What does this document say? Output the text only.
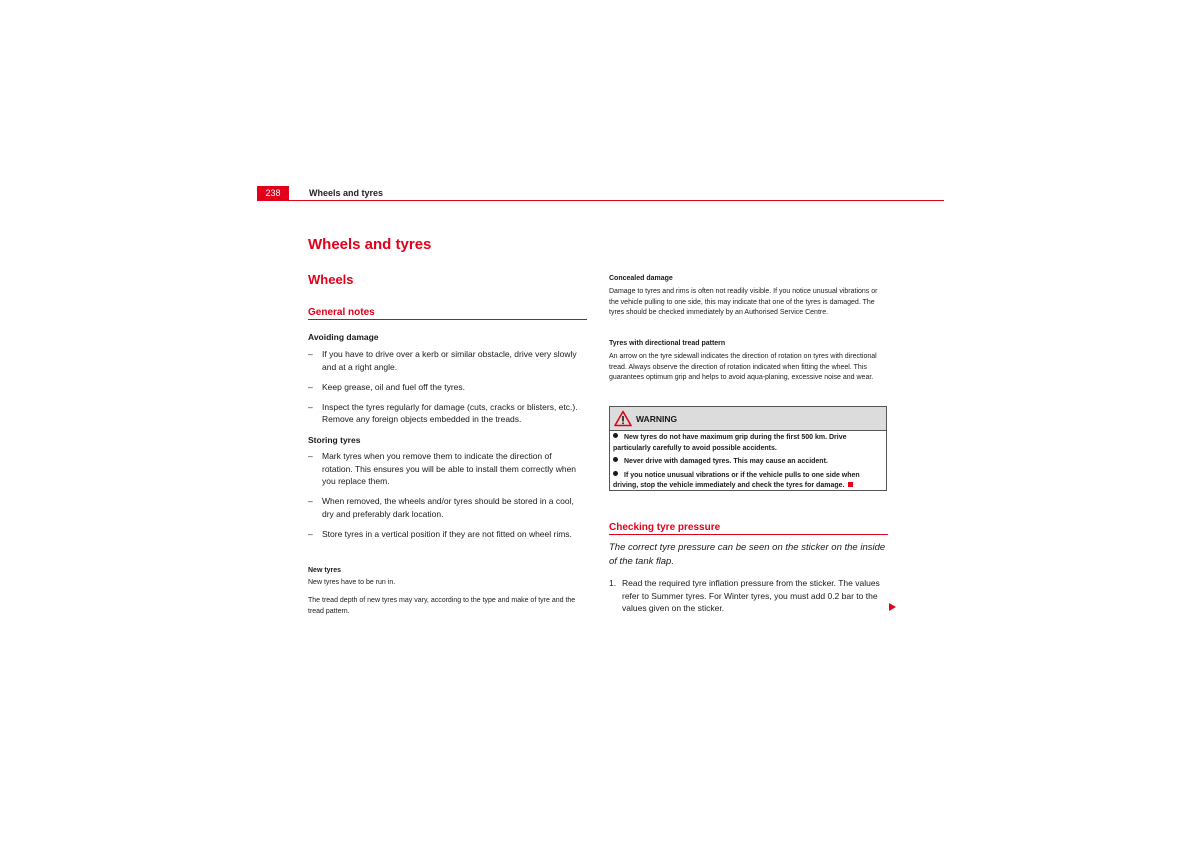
238	Wheels and tyres
Wheels and tyres
Wheels
General notes
Avoiding damage
– If you have to drive over a kerb or similar obstacle, drive very slowly and at a right angle.
– Keep grease, oil and fuel off the tyres.
– Inspect the tyres regularly for damage (cuts, cracks or blisters, etc.). Remove any foreign objects embedded in the treads.
Storing tyres
– Mark tyres when you remove them to indicate the direction of rotation. This ensures you will be able to install them correctly when you replace them.
– When removed, the wheels and/or tyres should be stored in a cool, dry and preferably dark location.
– Store tyres in a vertical position if they are not fitted on wheel rims.
New tyres
New tyres have to be run in.
The tread depth of new tyres may vary, according to the type and make of tyre and the tread pattern.
Concealed damage
Damage to tyres and rims is often not readily visible. If you notice unusual vibrations or the vehicle pulling to one side, this may indicate that one of the tyres is damaged. The tyres should be checked immediately by an Authorised Service Centre.
Tyres with directional tread pattern
An arrow on the tyre sidewall indicates the direction of rotation on tyres with directional tread. Always observe the direction of rotation indicated when fitting the wheel. This guarantees optimum grip and helps to avoid aqua-planing, excessive noise and wear.
WARNING
New tyres do not have maximum grip during the first 500 km. Drive particularly carefully to avoid possible accidents.
Never drive with damaged tyres. This may cause an accident.
If you notice unusual vibrations or if the vehicle pulls to one side when driving, stop the vehicle immediately and check the tyres for damage.
Checking tyre pressure
The correct tyre pressure can be seen on the sticker on the inside of the tank flap.
1. Read the required tyre inflation pressure from the sticker. The values refer to Summer tyres. For Winter tyres, you must add 0.2 bar to the values given on the sticker.
